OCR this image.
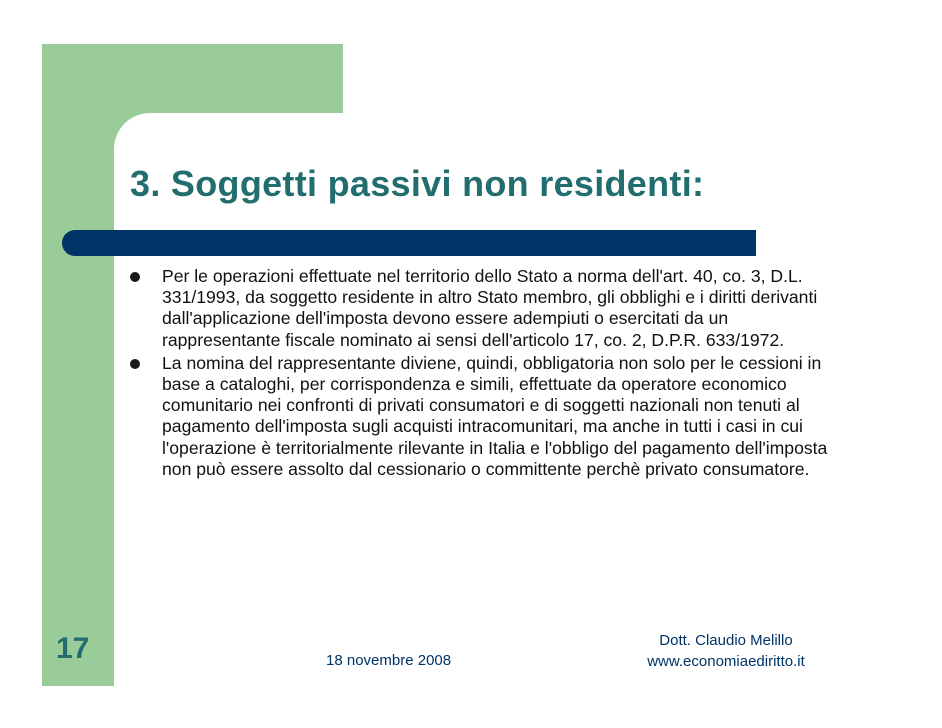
3. Soggetti passivi non residenti:
Per le operazioni effettuate nel territorio dello Stato a norma dell'art. 40, co. 3, D.L. 331/1993, da soggetto residente in altro Stato membro, gli obblighi e i diritti derivanti dall'applicazione dell'imposta devono essere adempiuti o esercitati da un rappresentante fiscale nominato ai sensi dell'articolo 17, co. 2, D.P.R. 633/1972.
La nomina del rappresentante diviene, quindi, obbligatoria non solo per le cessioni in base a cataloghi, per corrispondenza e simili, effettuate da operatore economico comunitario nei confronti di privati consumatori e di soggetti nazionali non tenuti al pagamento dell'imposta sugli acquisti intracomunitari, ma anche in tutti i casi in cui l'operazione è territorialmente rilevante in Italia e l'obbligo del pagamento dell'imposta non può essere assolto dal cessionario o committente perchè privato consumatore.
17	18 novembre 2008
Dott. Claudio Melillo
www.economiaediritto.it
